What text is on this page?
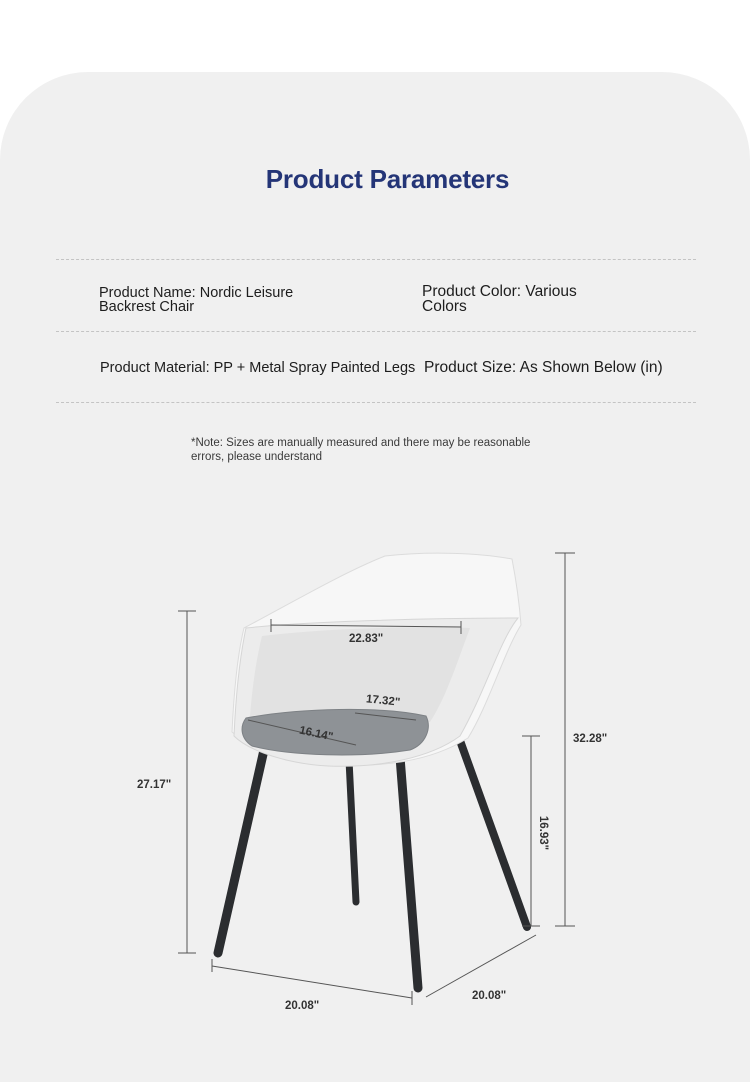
Product Parameters
Product Name: Nordic Leisure
Backrest Chair
Product Color: Various
Colors
Product Material: PP + Metal Spray Painted Legs Product Size: As Shown Below (in)
*Note: Sizes are manually measured and there may be reasonable
errors, please understand
22.83"
17.32"
16.14"	32.28"
27.17"
16.93"
20.08"
20.08"
